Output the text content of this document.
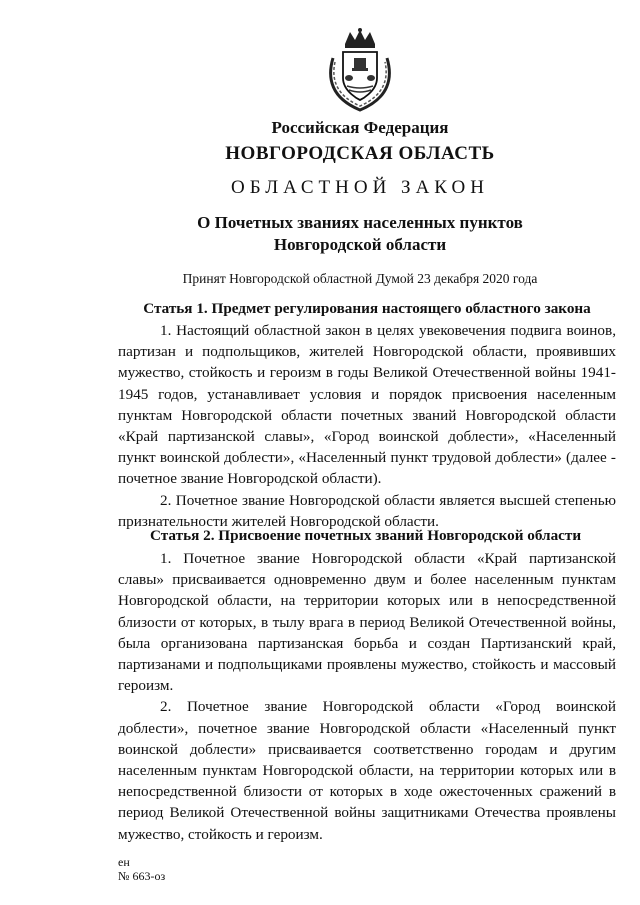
Российская Федерация
НОВГОРОДСКАЯ ОБЛАСТЬ
ОБЛАСТНОЙ ЗАКОН
О Почетных званиях населенных пунктов
Новгородской области
Принят Новгородской областной Думой 23 декабря 2020 года
Статья 1. Предмет регулирования настоящего областного закона

1. Настоящий областной закон в целях увековечения подвига воинов, партизан и подпольщиков, жителей Новгородской области, проявивших мужество, стойкость и героизм в годы Великой Отечественной войны 1941-1945 годов, устанавливает условия и порядок присвоения населенным пунктам Новгородской области почетных званий Новгородской области «Край партизанской славы», «Город воинской доблести», «Населенный пункт воинской доблести», «Населенный пункт трудовой доблести» (далее - почетное звание Новгородской области).

2. Почетное звание Новгородской области является высшей степенью признательности жителей Новгородской области.

Статья 2. Присвоение почетных званий Новгородской области

1. Почетное звание Новгородской области «Край партизанской славы» присваивается одновременно двум и более населенным пунктам Новгородской области, на территории которых или в непосредственной близости от которых, в тылу врага в период Великой Отечественной войны, была организована партизанская борьба и создан Партизанский край, партизанами и подпольщиками проявлены мужество, стойкость и массовый героизм.

2. Почетное звание Новгородской области «Город воинской доблести», почетное звание Новгородской области «Населенный пункт воинской доблести» присваивается соответственно городам и другим населенным пунктам Новгородской области, на территории которых или в непосредственной близости от которых в ходе ожесточенных сражений в период Великой Отечественной войны защитниками Отечества проявлены мужество, стойкость и героизм.

ен
№ 663-оз
